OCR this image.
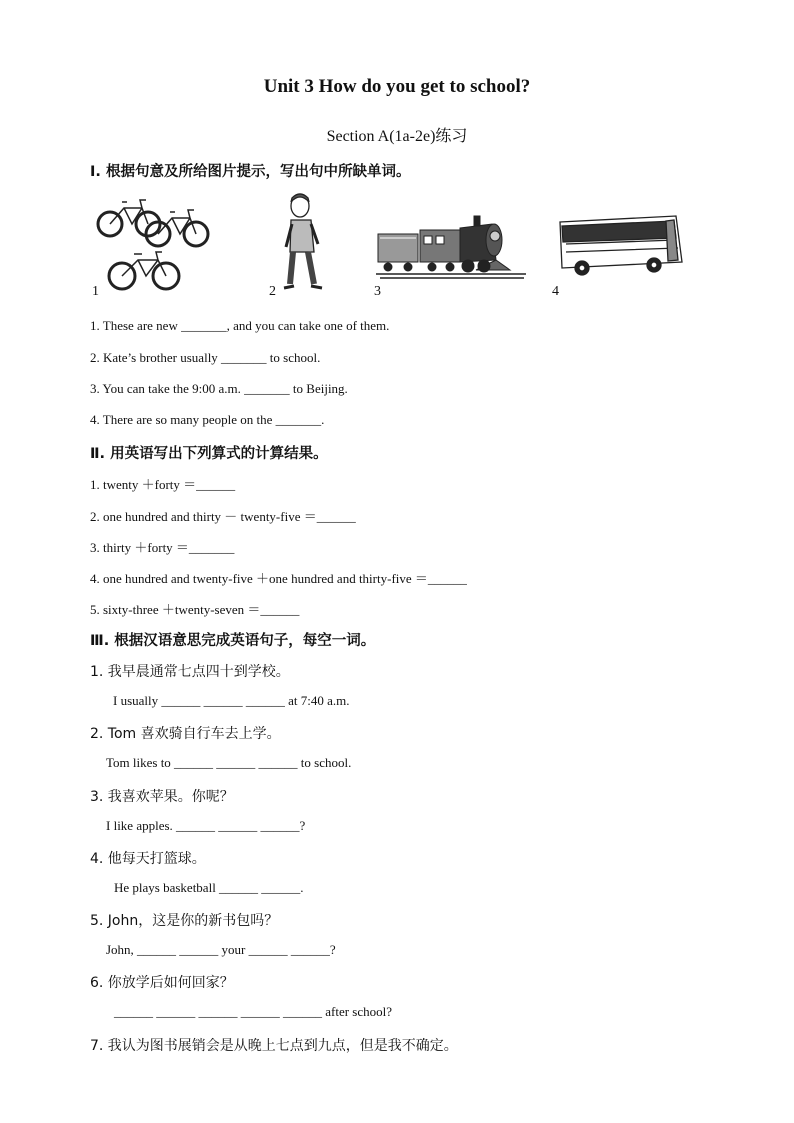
Unit 3 How do you get to school?
Section A(1a-2e)练习
Ⅰ. 根据句意及所给图片提示，写出句中所缺单词。
1	2	3	4
1. These are new _______, and you can take one of them.
2. Kate’s brother usually _______ to school.
3. You can take the 9:00 a.m. _______ to Beijing.
4. There are so many people on the _______.
Ⅱ. 用英语写出下列算式的计算结果。
1. twenty ＋forty ＝______
2. one hundred and thirty － twenty-five ＝______
3. thirty ＋forty ＝_______
4. one hundred and twenty-five ＋one hundred and thirty-five ＝______
5. sixty-three ＋twenty-seven ＝______
Ⅲ. 根据汉语意思完成英语句子，每空一词。
1. 我早晨通常七点四十到学校。
I usually ______ ______ ______ at 7:40 a.m.
2. Tom 喜欢骑自行车去上学。
Tom likes to ______ ______ ______ to school.
3. 我喜欢苹果。你呢？
I like apples. ______ ______ ______?
4. 他每天打篮球。
He plays basketball ______ ______.
5. John，这是你的新书包吗？
John, ______ ______ your ______ ______?
6. 你放学后如何回家？
______ ______ ______ ______ ______ after school?
7. 我认为图书展销会是从晚上七点到九点，但是我不确定。
